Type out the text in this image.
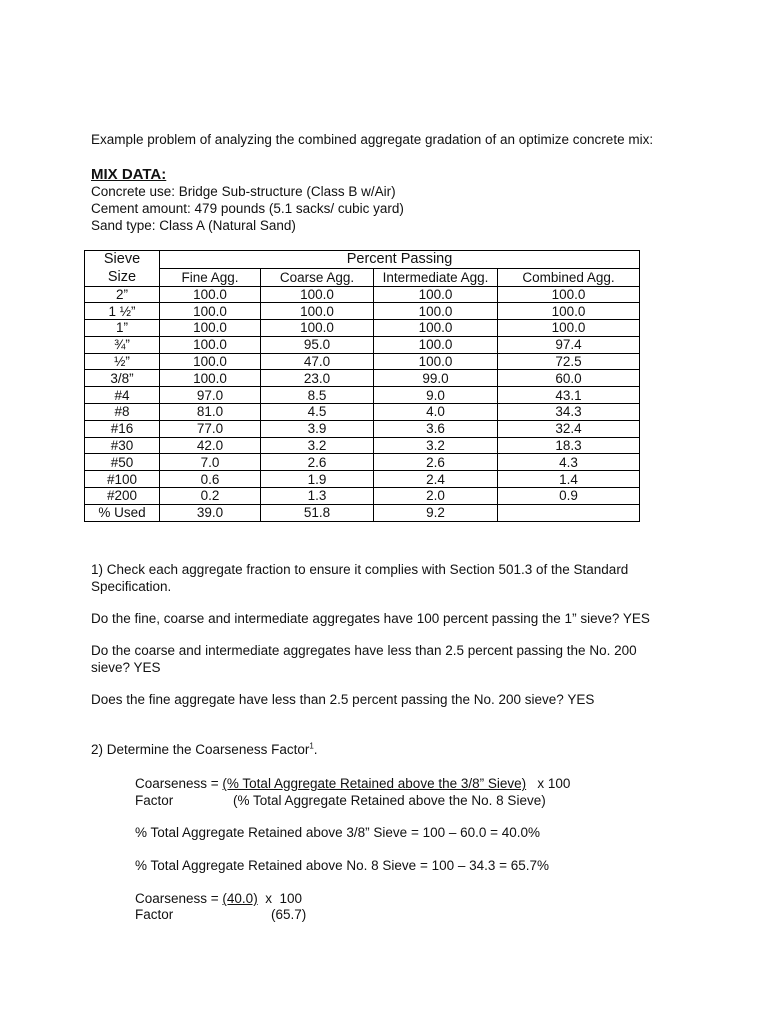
Example problem of analyzing the combined aggregate gradation of an optimize concrete mix:
MIX DATA:
Concrete use: Bridge Sub-structure (Class B w/Air)
Cement amount: 479 pounds (5.1 sacks/ cubic yard)
Sand type: Class A (Natural Sand)
Sieve	Percent Passing			
Size	Fine Agg.	Coarse Agg.	Intermediate Agg.	Combined Agg.
2”	100.0	100.0	100.0	100.0
1 ½”	100.0	100.0	100.0	100.0
1”	100.0	100.0	100.0	100.0
¾”	100.0	95.0	100.0	97.4
½”	100.0	47.0	100.0	72.5
3/8”	100.0	23.0	99.0	60.0
#4	97.0	8.5	9.0	43.1
#8	81.0	4.5	4.0	34.3
#16	77.0	3.9	3.6	32.4
#30	42.0	3.2	3.2	18.3
#50	7.0	2.6	2.6	4.3
#100	0.6	1.9	2.4	1.4
#200	0.2	1.3	2.0	0.9
% Used	39.0	51.8	9.2	
1) Check each aggregate fraction to ensure it complies with Section 501.3 of the Standard
Specification.
Do the fine, coarse and intermediate aggregates have 100 percent passing the 1” sieve? YES
Do the coarse and intermediate aggregates have less than 2.5 percent passing the No. 200
sieve? YES
Does the fine aggregate have less than 2.5 percent passing the No. 200 sieve? YES
2) Determine the Coarseness Factor$^1$.
Coarseness = (% Total Aggregate Retained above the 3/8” Sieve)   x 100
Factor	(% Total Aggregate Retained above the No. 8 Sieve)
% Total Aggregate Retained above 3/8” Sieve = 100 – 60.0 = 40.0%
% Total Aggregate Retained above No. 8 Sieve = 100 – 34.3 = 65.7%
Coarseness = (40.0)  x  100
Factor	(65.7)
